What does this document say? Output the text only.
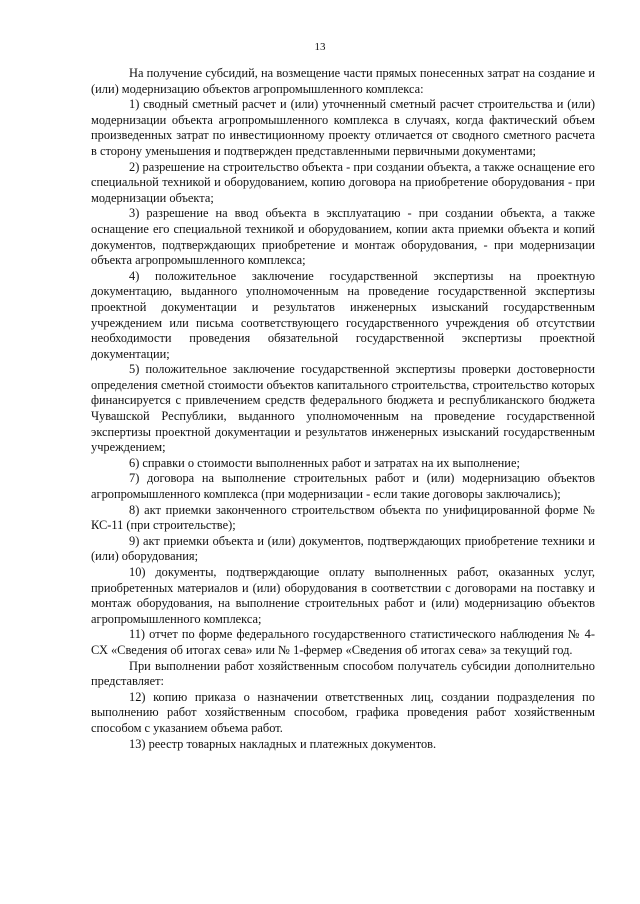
13

На получение субсидий, на возмещение части прямых понесенных затрат на создание и (или) модернизацию объектов агропромышленного комплекса:

1) сводный сметный расчет и (или) уточненный сметный расчет строительства и (или) модернизации объекта агропромышленного комплекса в случаях, когда фактический объем произведенных затрат по инвестиционному проекту отличается от сводного сметного расчета в сторону уменьшения и подтвержден представленными первичными документами;

2) разрешение на строительство объекта - при создании объекта, а также оснащение его специальной техникой и оборудованием, копию договора на приобретение оборудования - при модернизации объекта;

3) разрешение на ввод объекта в эксплуатацию - при создании объекта, а также оснащение его специальной техникой и оборудованием, копии акта приемки объекта и копий документов, подтверждающих приобретение и монтаж оборудования, - при модернизации объекта агропромышленного комплекса;

4) положительное заключение государственной экспертизы на проектную документацию, выданного уполномоченным на проведение государственной экспертизы проектной документации и результатов инженерных изысканий государственным учреждением или письма соответствующего государственного учреждения об отсутствии необходимости проведения обязательной государственной экспертизы проектной документации;

5) положительное заключение государственной экспертизы проверки достоверности определения сметной стоимости объектов капитального строительства, строительство которых финансируется с привлечением средств федерального бюджета и республиканского бюджета Чувашской Республики, выданного уполномоченным на проведение государственной экспертизы проектной документации и результатов инженерных изысканий государственным учреждением;

6) справки о стоимости выполненных работ и затратах на их выполнение;

7) договора на выполнение строительных работ и (или) модернизацию объектов агропромышленного комплекса (при модернизации - если такие договоры заключались);

8) акт приемки законченного строительством объекта по унифицированной форме № КС-11 (при строительстве);

9) акт приемки объекта и (или) документов, подтверждающих приобретение техники и (или) оборудования;

10) документы, подтверждающие оплату выполненных работ, оказанных услуг, приобретенных материалов и (или) оборудования в соответствии с договорами на поставку и монтаж оборудования, на выполнение строительных работ и (или) модернизацию объектов агропромышленного комплекса;

11) отчет по форме федерального государственного статистического наблюдения № 4-СХ «Сведения об итогах сева» или № 1-фермер «Сведения об итогах сева» за текущий год.

При выполнении работ хозяйственным способом получатель субсидии дополнительно представляет:

12) копию приказа о назначении ответственных лиц, создании подразделения по выполнению работ хозяйственным способом, графика проведения работ хозяйственным способом с указанием объема работ.

13) реестр товарных накладных и платежных документов.
